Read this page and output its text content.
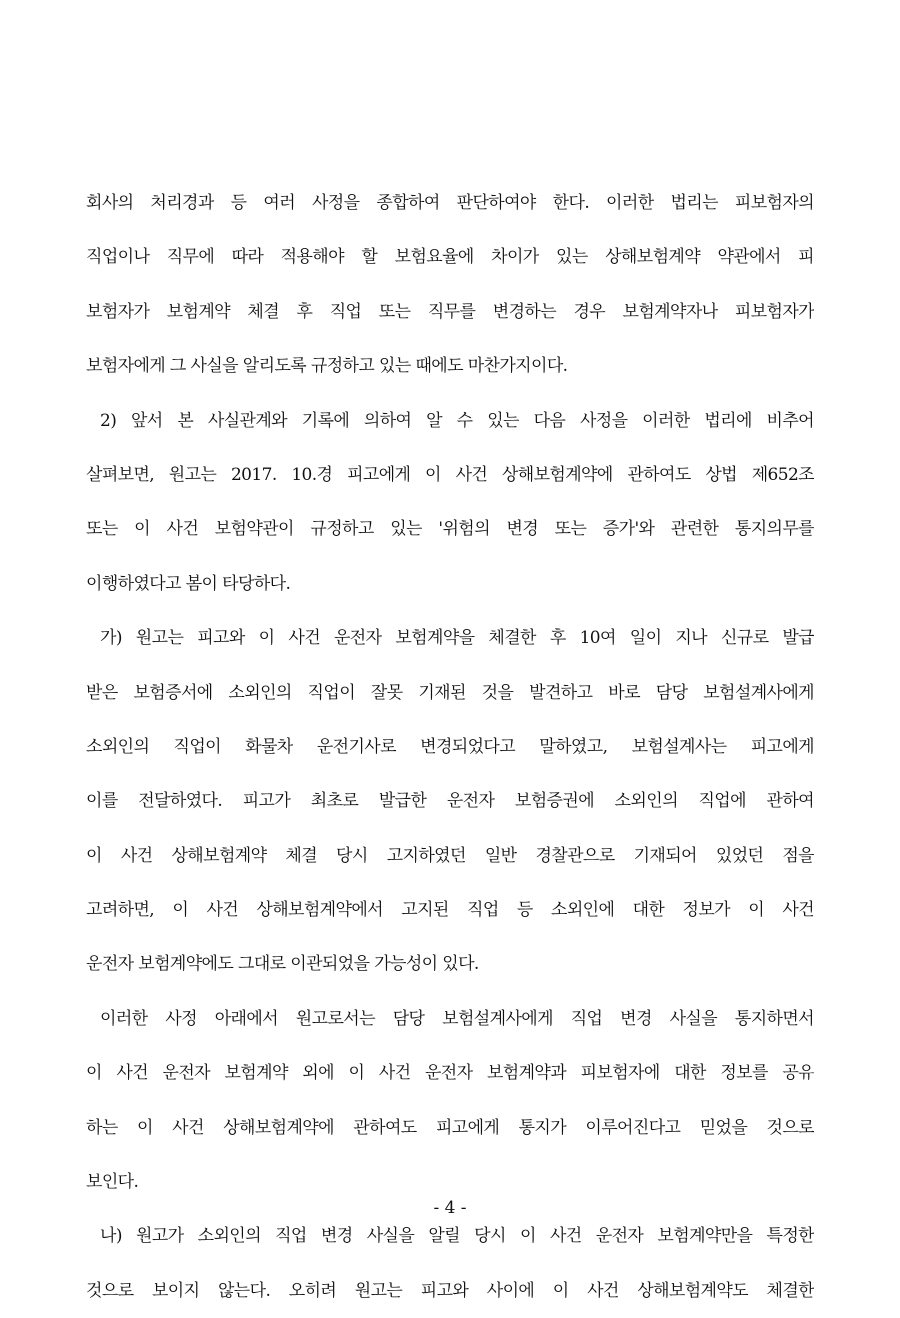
회사의 처리경과 등 여러 사정을 종합하여 판단하여야 한다. 이러한 법리는 피보험자의
직업이나 직무에 따라 적용해야 할 보험요율에 차이가 있는 상해보험계약 약관에서 피
보험자가 보험계약 체결 후 직업 또는 직무를 변경하는 경우 보험계약자나 피보험자가
보험자에게 그 사실을 알리도록 규정하고 있는 때에도 마찬가지이다.
2) 앞서 본 사실관계와 기록에 의하여 알 수 있는 다음 사정을 이러한 법리에 비추어
살펴보면, 원고는 2017. 10.경 피고에게 이 사건 상해보험계약에 관하여도 상법 제652조
또는 이 사건 보험약관이 규정하고 있는 '위험의 변경 또는 증가'와 관련한 통지의무를
이행하였다고 봄이 타당하다.
가) 원고는 피고와 이 사건 운전자 보험계약을 체결한 후 10여 일이 지나 신규로 발급
받은 보험증서에 소외인의 직업이 잘못 기재된 것을 발견하고 바로 담당 보험설계사에게
소외인의 직업이 화물차 운전기사로 변경되었다고 말하였고, 보험설계사는 피고에게
이를 전달하였다. 피고가 최초로 발급한 운전자 보험증권에 소외인의 직업에 관하여
이 사건 상해보험계약 체결 당시 고지하였던 일반 경찰관으로 기재되어 있었던 점을
고려하면, 이 사건 상해보험계약에서 고지된 직업 등 소외인에 대한 정보가 이 사건
운전자 보험계약에도 그대로 이관되었을 가능성이 있다.
이러한 사정 아래에서 원고로서는 담당 보험설계사에게 직업 변경 사실을 통지하면서
이 사건 운전자 보험계약 외에 이 사건 운전자 보험계약과 피보험자에 대한 정보를 공유
하는 이 사건 상해보험계약에 관하여도 피고에게 통지가 이루어진다고 믿었을 것으로
보인다.
나) 원고가 소외인의 직업 변경 사실을 알릴 당시 이 사건 운전자 보험계약만을 특정한
것으로 보이지 않는다. 오히려 원고는 피고와 사이에 이 사건 상해보험계약도 체결한
- 4 -
